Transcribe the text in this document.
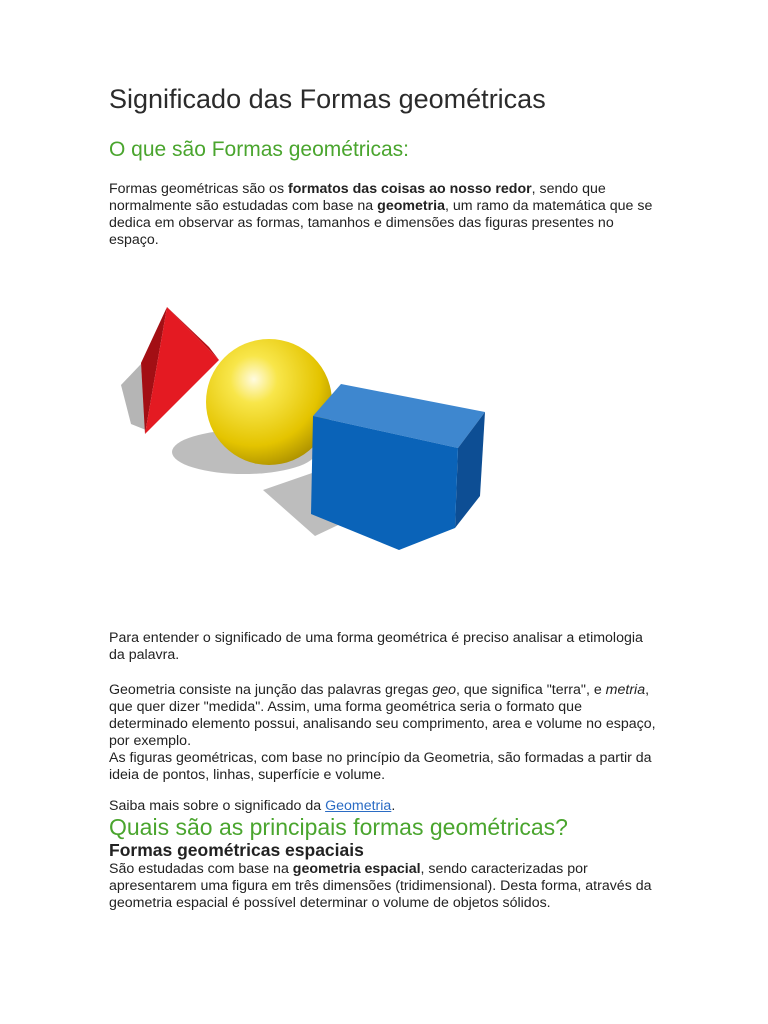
Significado das Formas geométricas
O que são Formas geométricas:

Formas geométricas são os formatos das coisas ao nosso redor, sendo que normalmente são estudadas com base na geometria, um ramo da matemática que se dedica em observar as formas, tamanhos e dimensões das figuras presentes no espaço.

Para entender o significado de uma forma geométrica é preciso analisar a etimologia da palavra.

Geometria consiste na junção das palavras gregas geo, que significa "terra", e metria, que quer dizer "medida". Assim, uma forma geométrica seria o formato que determinado elemento possui, analisando seu comprimento, area e volume no espaço, por exemplo.
As figuras geométricas, com base no princípio da Geometria, são formadas a partir da ideia de pontos, linhas, superfície e volume.

Saiba mais sobre o significado da Geometria.

Quais são as principais formas geométricas?
Formas geométricas espaciais

São estudadas com base na geometria espacial, sendo caracterizadas por apresentarem uma figura em três dimensões (tridimensional). Desta forma, através da geometria espacial é possível determinar o volume de objetos sólidos.
